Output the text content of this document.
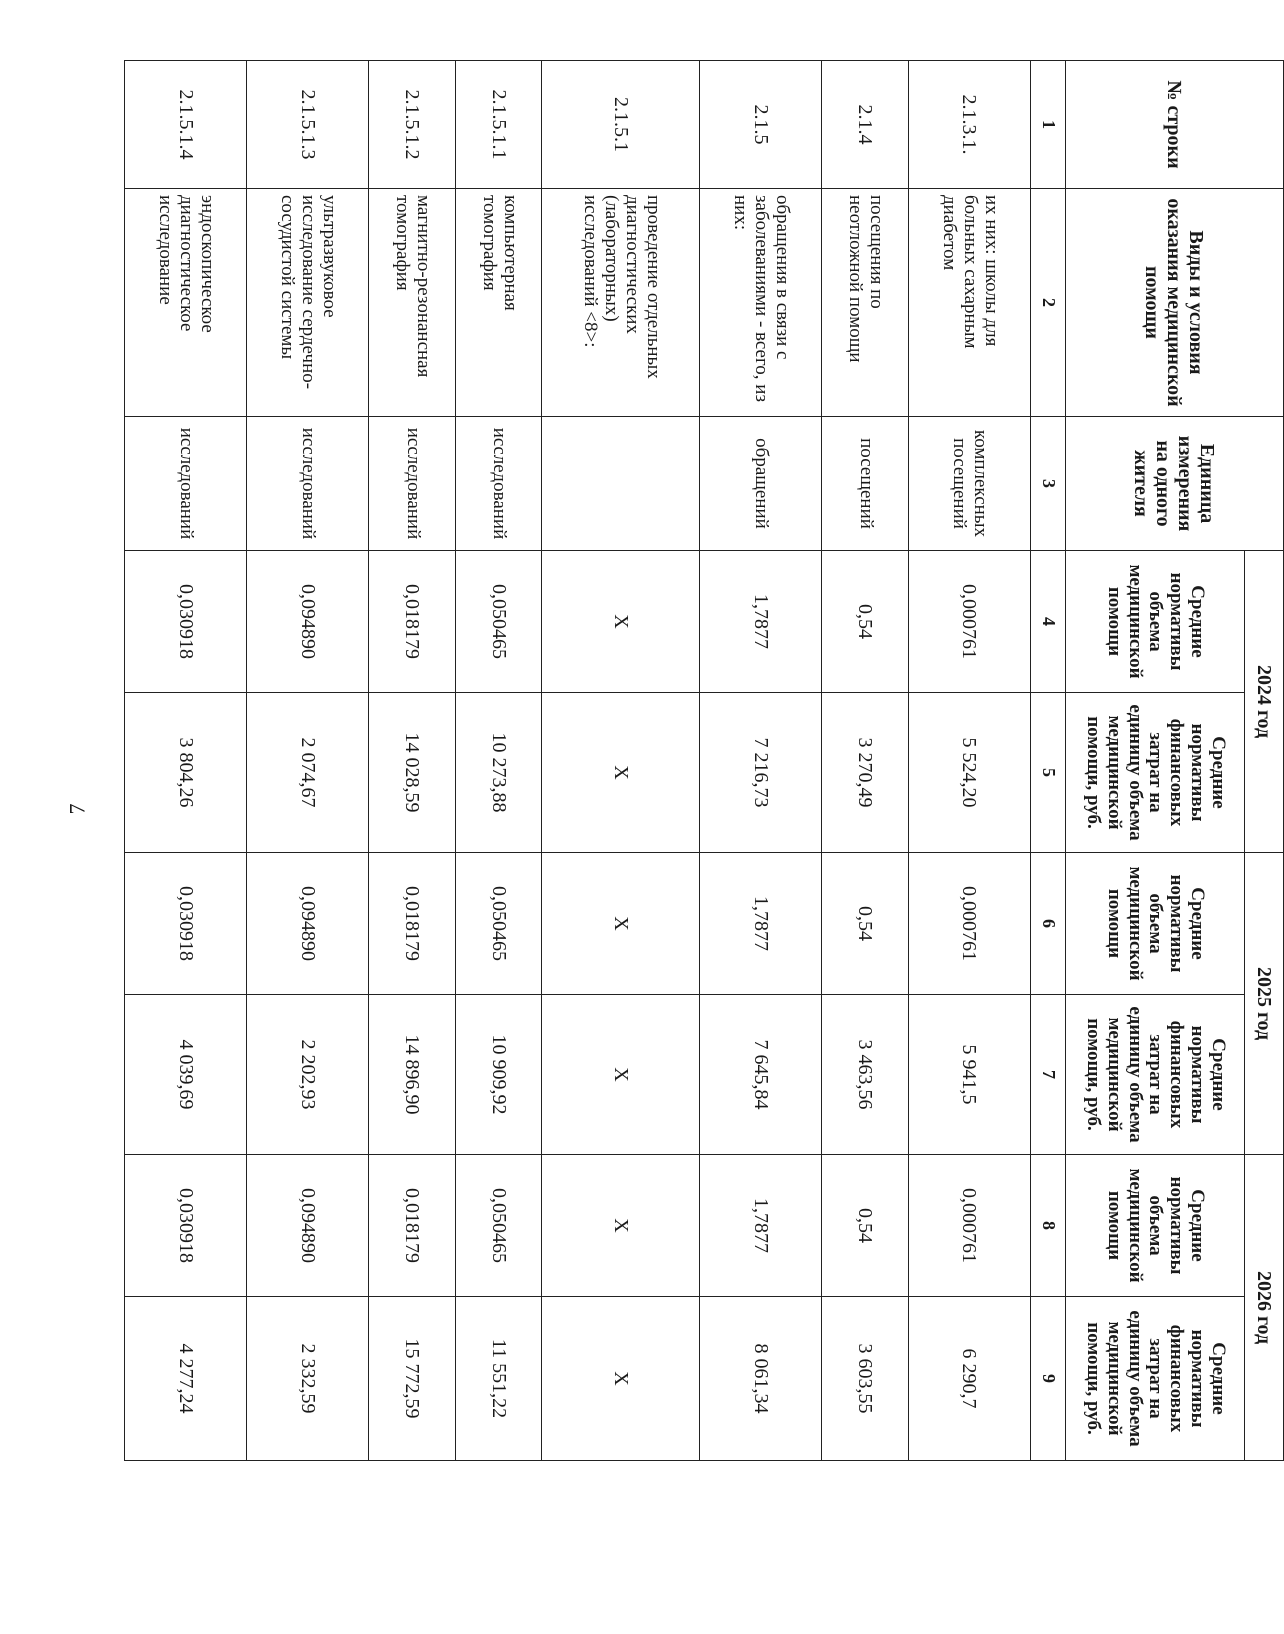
7
№ строки	Виды и условия оказания медицинской помощи	Единица измерения на одного жителя	2024 год		2025 год		2026 год	
			Средние нормативы объема медицинской помощи	Средние нормативы финансовых затрат на единицу объема медицинской помощи, руб.	Средние нормативы объема медицинской помощи	Средние нормативы финансовых затрат на единицу объема медицинской помощи, руб.	Средние нормативы объема медицинской помощи	Средние нормативы финансовых затрат на единицу объема медицинской помощи, руб.
1	2	3	4	5	6	7	8	9
2.1.3.1.	их них: школы для больных сахарным диабетом	комплексных посещений	0,000761	5 524,20	0,000761	5 941,5	0,000761	6 290,7
2.1.4	посещения по неотложной помощи	посещений	0,54	3 270,49	0,54	3 463,56	0,54	3 603,55
2.1.5	обращения в связи с заболеваниями - всего, из них:	обращений	1,7877	7 216,73	1,7877	7 645,84	1,7877	8 061,34
2.1.5.1	проведение отдельных диагностических (лабораторных) исследований <8>:		X	X	X	X	X	X
2.1.5.1.1	компьютерная томография	исследований	0,050465	10 273,88	0,050465	10 909,92	0,050465	11 551,22
2.1.5.1.2	магнитно-резонансная томография	исследований	0,018179	14 028,59	0,018179	14 896,90	0,018179	15 772,59
2.1.5.1.3	ультразвуковое исследование сердечно-сосудистой системы	исследований	0,094890	2 074,67	0,094890	2 202,93	0,094890	2 332,59
2.1.5.1.4	эндоскопическое диагностическое исследование	исследований	0,030918	3 804,26	0,030918	4 039,69	0,030918	4 277,24
